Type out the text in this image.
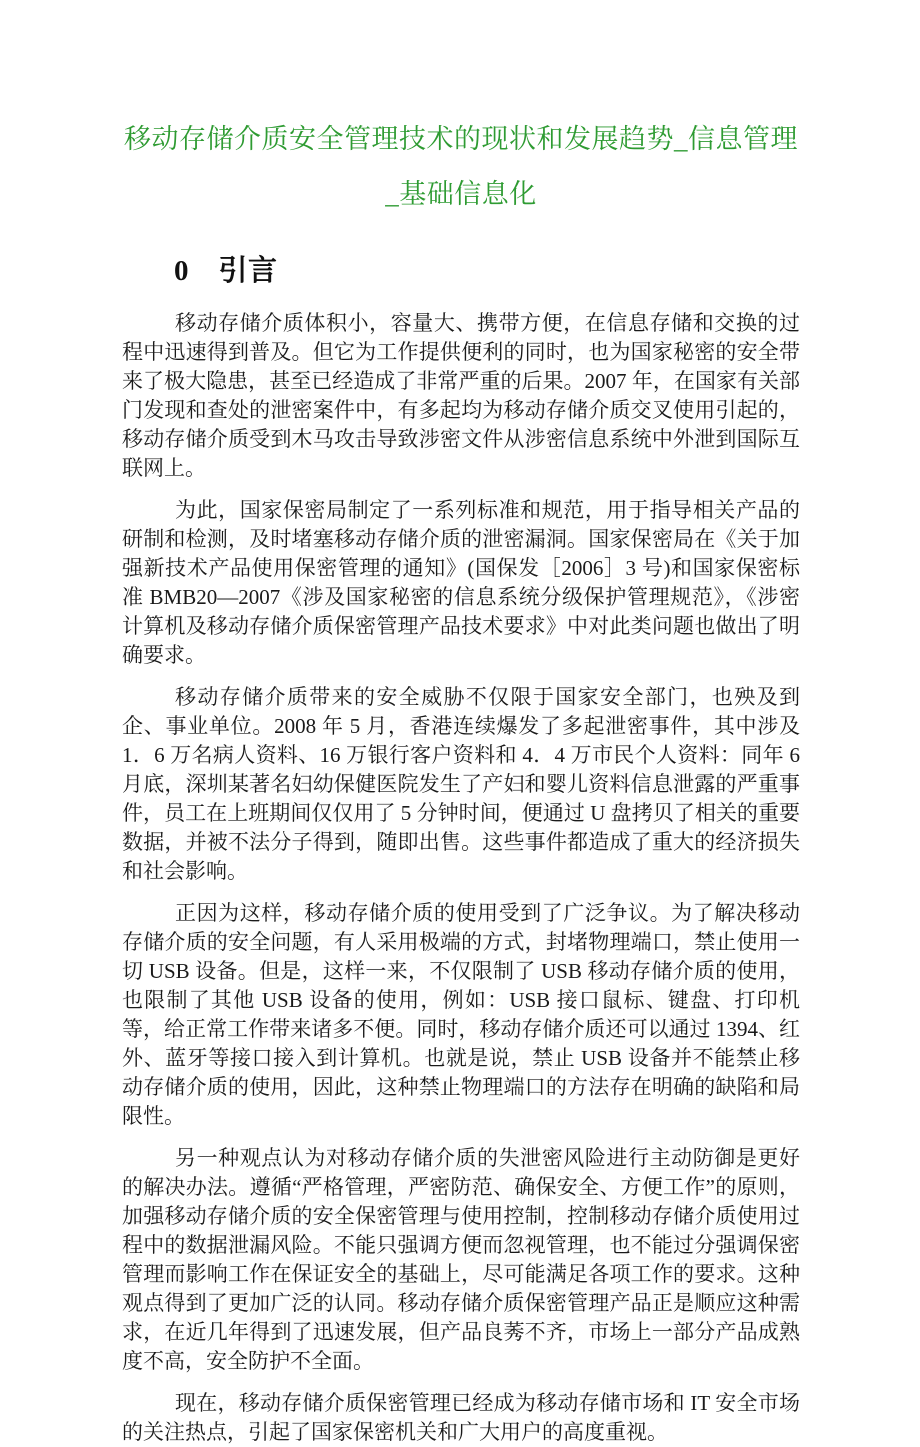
移动存储介质安全管理技术的现状和发展趋势_信息管理_基础信息化
0　引言

移动存储介质体积小，容量大、携带方便，在信息存储和交换的过程中迅速得到普及。但它为工作提供便利的同时，也为国家秘密的安全带来了极大隐患，甚至已经造成了非常严重的后果。2007 年，在国家有关部门发现和查处的泄密案件中，有多起均为移动存储介质交叉使用引起的，移动存储介质受到木马攻击导致涉密文件从涉密信息系统中外泄到国际互联网上。

为此，国家保密局制定了一系列标准和规范，用于指导相关产品的研制和检测，及时堵塞移动存储介质的泄密漏洞。国家保密局在《关于加强新技术产品使用保密管理的通知》(国保发［2006］3 号)和国家保密标准 BMB20—2007《涉及国家秘密的信息系统分级保护管理规范》，《涉密计算机及移动存储介质保密管理产品技术要求》中对此类问题也做出了明确要求。

移动存储介质带来的安全威胁不仅限于国家安全部门，也殃及到企、事业单位。2008 年 5 月，香港连续爆发了多起泄密事件，其中涉及 1．6 万名病人资料、16 万银行客户资料和 4．4 万市民个人资料：同年 6 月底，深圳某著名妇幼保健医院发生了产妇和婴儿资料信息泄露的严重事件，员工在上班期间仅仅用了 5 分钟时间，便通过 U 盘拷贝了相关的重要数据，并被不法分子得到，随即出售。这些事件都造成了重大的经济损失和社会影响。

正因为这样，移动存储介质的使用受到了广泛争议。为了解决移动存储介质的安全问题，有人采用极端的方式，封堵物理端口，禁止使用一切 USB 设备。但是，这样一来，不仅限制了 USB 移动存储介质的使用，也限制了其他 USB 设备的使用，例如：USB 接口鼠标、键盘、打印机等，给正常工作带来诸多不便。同时，移动存储介质还可以通过 1394、红外、蓝牙等接口接入到计算机。也就是说，禁止 USB 设备并不能禁止移动存储介质的使用，因此，这种禁止物理端口的方法存在明确的缺陷和局限性。

另一种观点认为对移动存储介质的失泄密风险进行主动防御是更好的解决办法。遵循“严格管理，严密防范、确保安全、方便工作”的原则，加强移动存储介质的安全保密管理与使用控制，控制移动存储介质使用过程中的数据泄漏风险。不能只强调方便而忽视管理，也不能过分强调保密管理而影响工作在保证安全的基础上，尽可能满足各项工作的要求。这种观点得到了更加广泛的认同。移动存储介质保密管理产品正是顺应这种需求，在近几年得到了迅速发展，但产品良莠不齐，市场上一部分产品成熟度不高，安全防护不全面。

现在，移动存储介质保密管理已经成为移动存储市场和 IT 安全市场的关注热点，引起了国家保密机关和广大用户的高度重视。
